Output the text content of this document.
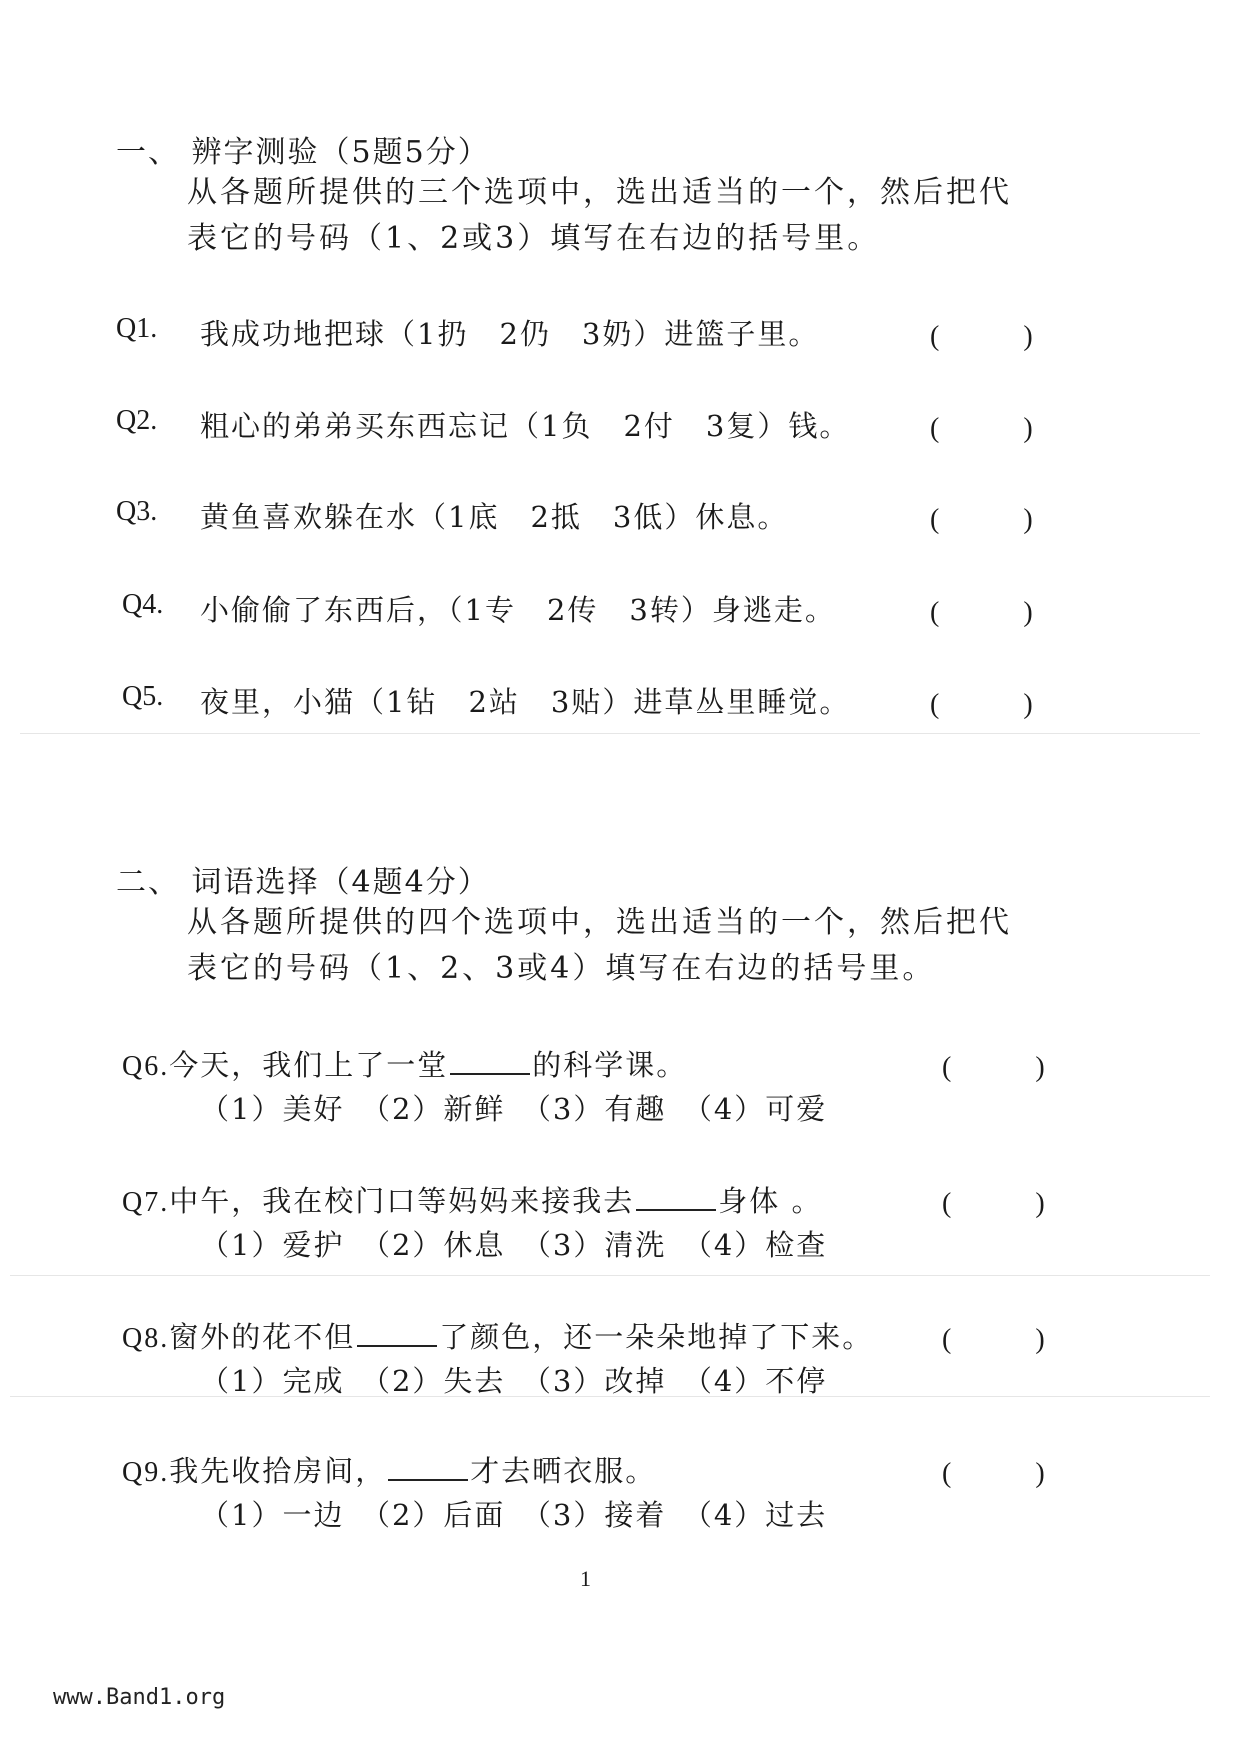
一、 辨字测验（5题5分）
从各题所提供的三个选项中，选出适当的一个，然后把代
表它的号码（1、2或3）填写在右边的括号里。
Q1. 我成功地把球（1扔　2仍　3奶）进篮子里。	(　　　)
Q2. 粗心的弟弟买东西忘记（1负　2付　3复）钱。	(　　　)
Q3. 黄鱼喜欢躲在水（1底　2抵　3低）休息。	(　　　)
Q4. 小偷偷了东西后，（1专　2传　3转）身逃走。	(　　　)
Q5. 夜里，小猫（1钻　2站　3贴）进草丛里睡觉。	(　　　)
二、 词语选择（4题4分）
从各题所提供的四个选项中，选出适当的一个，然后把代
表它的号码（1、2、3或4）填写在右边的括号里。
Q6.今天，我们上了一堂	的科学课。	(　　　)
（1）美好　（2）新鲜　（3）有趣　（4）可爱
Q7.中午，我在校门口等妈妈来接我去	身体 。	(　　　)
（1）爱护　（2）休息　（3）清洗　（4）检查
Q8.窗外的花不但	了颜色，还一朵朵地掉了下来。 (　　　)
（1）完成　（2）失去　（3）改掉　（4）不停
Q9.我先收拾房间，	才去晒衣服。	(　　　)
（1）一边　（2）后面　（3）接着　（4）过去
1
www.Band1.org
